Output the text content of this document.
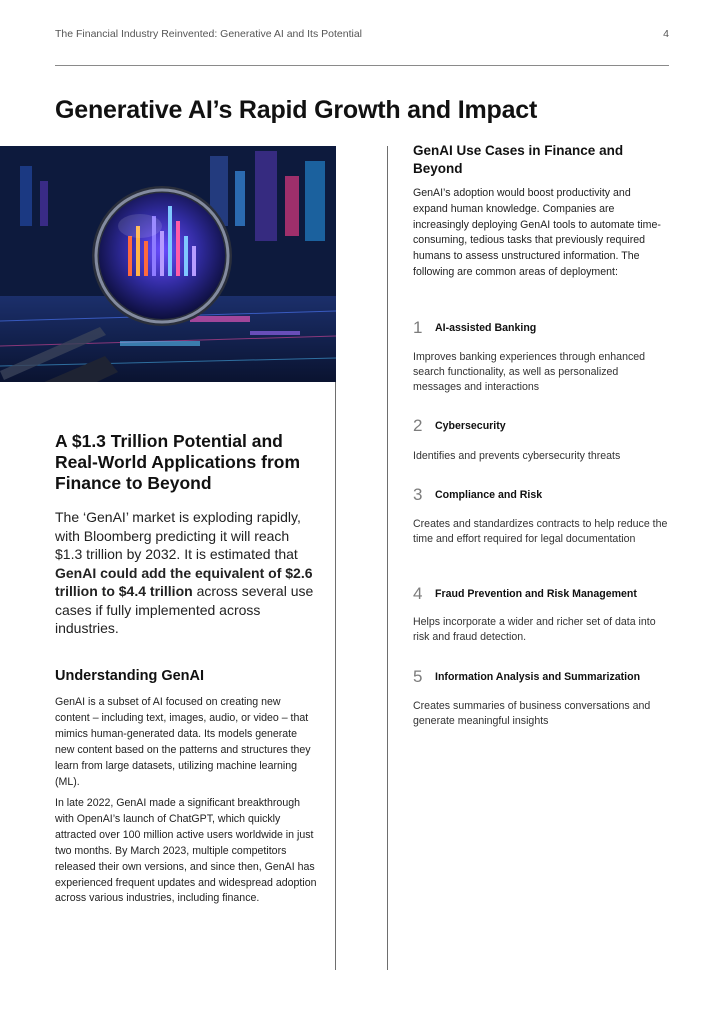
The Financial Industry Reinvented: Generative AI and Its Potential	4
Generative AI’s Rapid Growth and Impact
A $1.3 Trillion Potential and Real-World Applications from Finance to Beyond

The ‘GenAI’ market is exploding rapidly, with Bloomberg predicting it will reach $1.3 trillion by 2032. It is estimated that GenAI could add the equivalent of $2.6 trillion to $4.4 trillion across several use cases if fully implemented across industries.

Understanding GenAI

GenAI is a subset of AI focused on creating new content – including text, images, audio, or video – that mimics human-generated data. Its models generate new content based on the patterns and structures they learn from large datasets, utilizing machine learning (ML).

In late 2022, GenAI made a significant breakthrough with OpenAI’s launch of ChatGPT, which quickly attracted over 100 million active users worldwide in just two months. By March 2023, multiple competitors released their own versions, and since then, GenAI has experienced frequent updates and widespread adoption across various industries, including finance.

GenAI Use Cases in Finance and Beyond

GenAI’s adoption would boost productivity and expand human knowledge. Companies are increasingly deploying GenAI tools to automate time-consuming, tedious tasks that previously required humans to assess unstructured information. The following are common areas of deployment:

1 AI-assisted Banking

Improves banking experiences through enhanced search functionality, as well as personalized messages and interactions

2 Cybersecurity

Identifies and prevents cybersecurity threats

3 Compliance and Risk

Creates and standardizes contracts to help reduce the time and effort required for legal documentation

4 Fraud Prevention and Risk Management

Helps incorporate a wider and richer set of data into risk and fraud detection.

5 Information Analysis and Summarization

Creates summaries of business conversations and generate meaningful insights
